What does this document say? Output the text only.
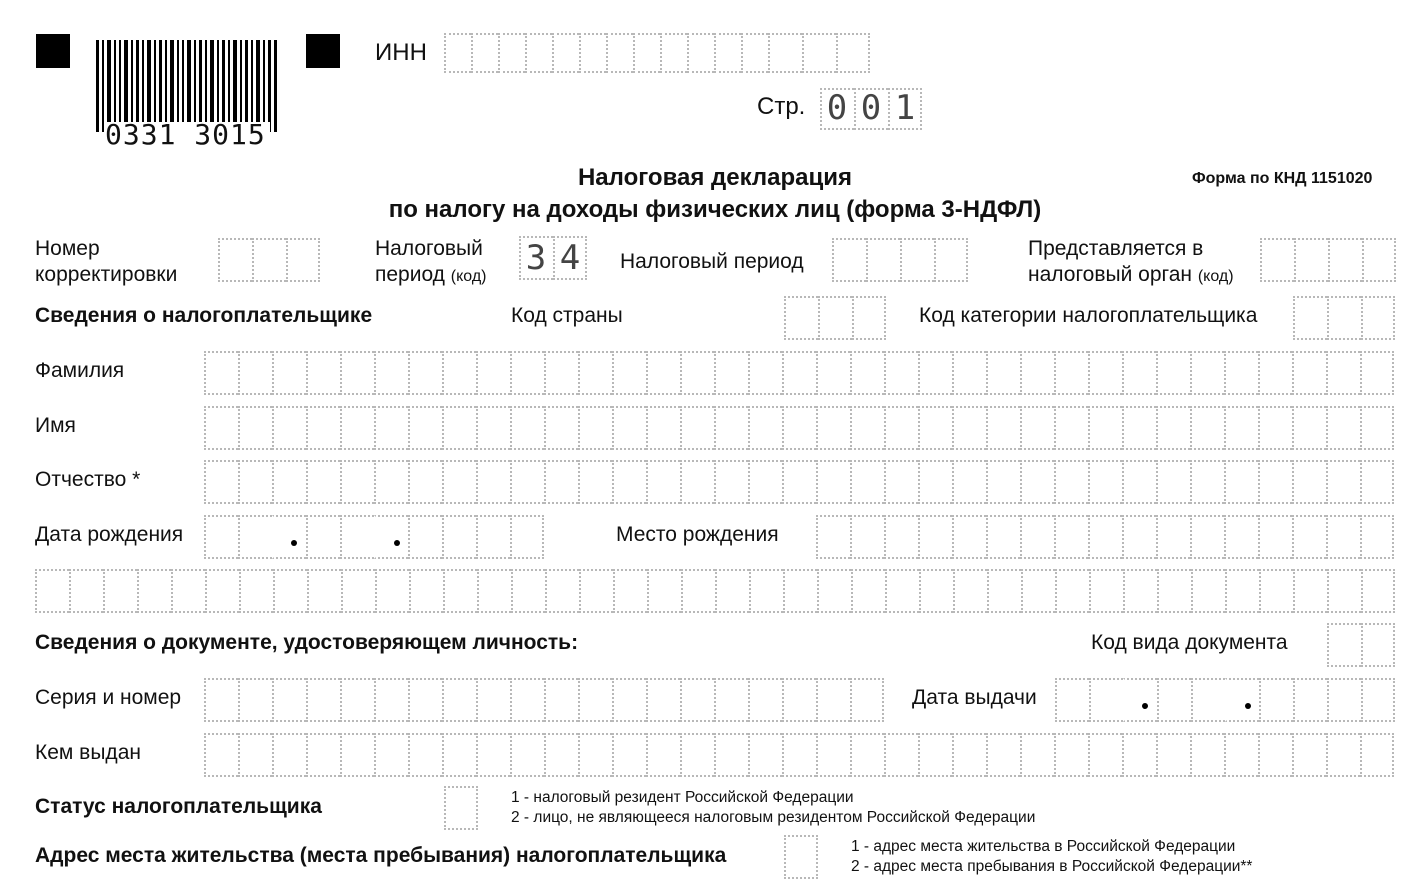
0331 3015
ИНН
Стр. 0 0 1
Налоговая декларация
по налогу на доходы физических лиц (форма 3-НДФЛ)
Форма по КНД 1151020
Номер
корректировки
Налоговый
период (код) 3 4	Налоговый период
Представляется в
налоговый орган (код)
Сведения о налогоплательщике	Код страны	Код категории налогоплательщика
Фамилия
Имя
Отчество *
Дата рождения	Место рождения
Сведения о документе, удостоверяющем личность:	Код вида документа
Серия и номер	Дата выдачи
Кем выдан
Статус налогоплательщика	1 - налоговый резидент Российской Федерации
2 - лицо, не являющееся налоговым резидентом Российской Федерации
Адрес места жительства (места пребывания) налогоплательщика	1 - адрес места жительства в Российской Федерации
2 - адрес места пребывания в Российской Федерации**
